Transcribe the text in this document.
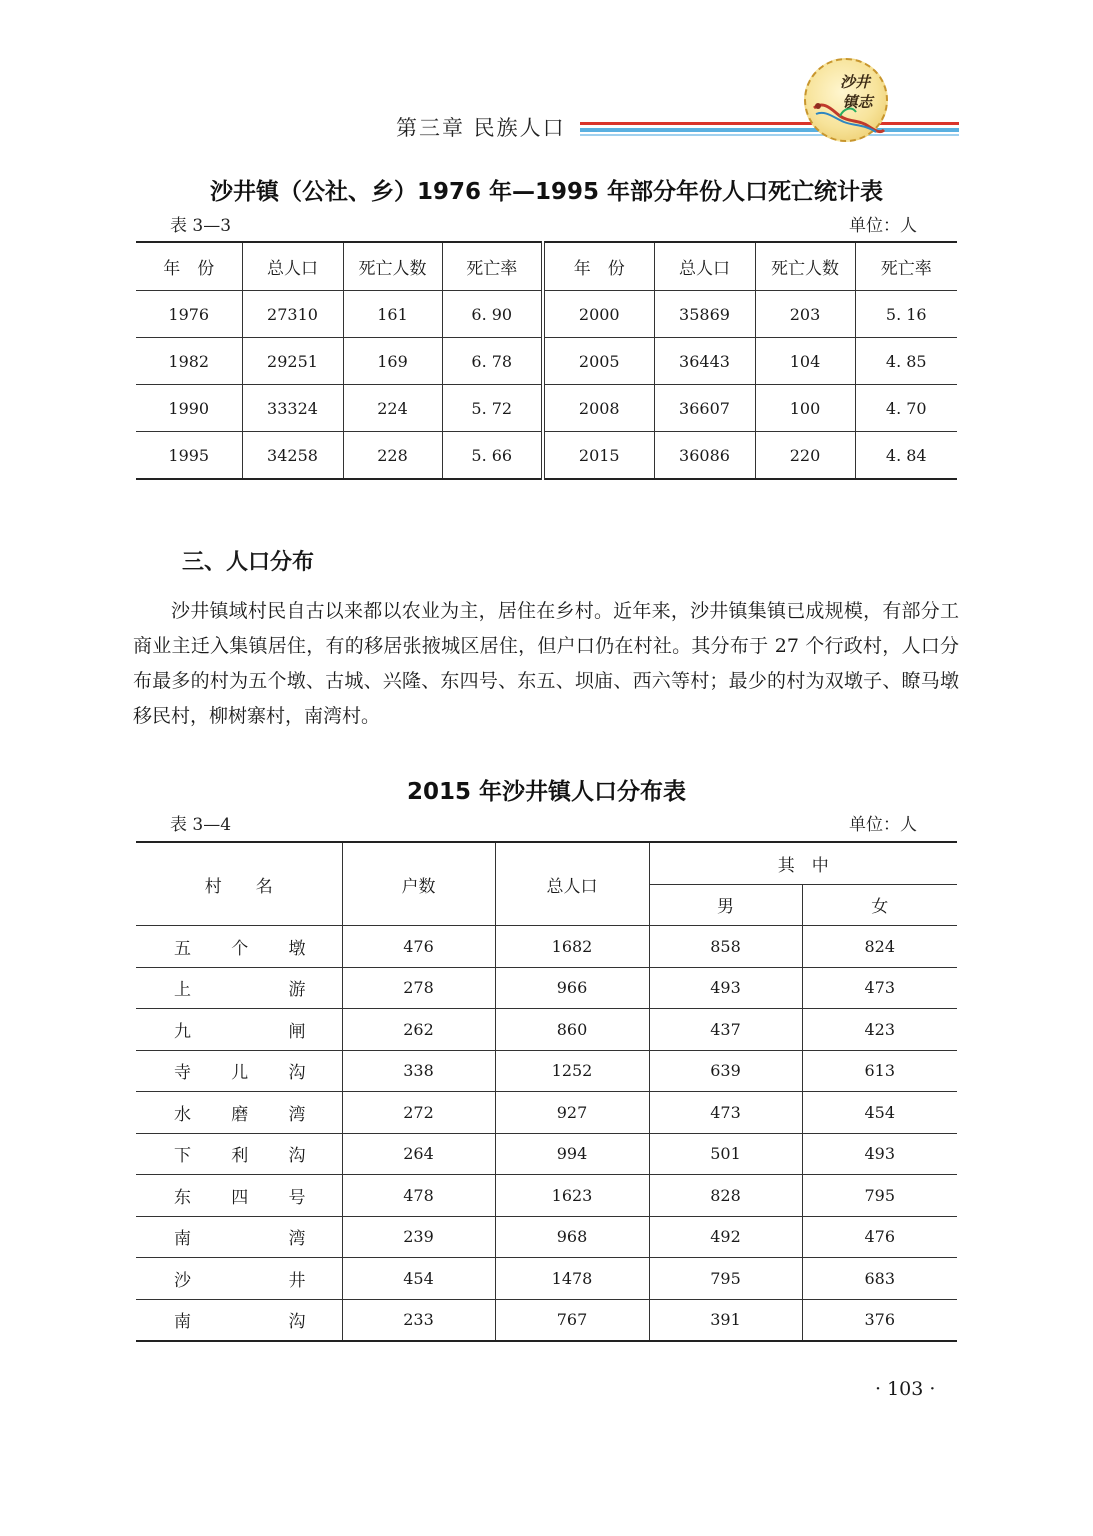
第三章 民族人口
沙井
镇志
沙井镇（公社、乡）1976 年—1995 年部分年份人口死亡统计表
表 3—3	单位：人
年　份	总人口	死亡人数	死亡率	年　份	总人口	死亡人数	死亡率
1976	27310	161	6. 90	2000	35869	203	5. 16
1982	29251	169	6. 78	2005	36443	104	4. 85
1990	33324	224	5. 72	2008	36607	100	4. 70
1995	34258	228	5. 66	2015	36086	220	4. 84
三、人口分布
沙井镇域村民自古以来都以农业为主，居住在乡村。近年来，沙井镇集镇已成规模，有部分工商业主迁入集镇居住，有的移居张掖城区居住，但户口仍在村社。其分布于 27 个行政村，人口分布最多的村为五个墩、古城、兴隆、东四号、东五、坝庙、西六等村；最少的村为双墩子、瞭马墩移民村，柳树寨村，南湾村。
2015 年沙井镇人口分布表
表 3—4	单位：人
村　　名	户数	总人口	其　中	
			男	女
五个墩	476	1682	858	824
上游	278	966	493	473
九闸	262	860	437	423
寺儿沟	338	1252	639	613
水磨湾	272	927	473	454
下利沟	264	994	501	493
东四号	478	1623	828	795
南湾	239	968	492	476
沙井	454	1478	795	683
南沟	233	767	391	376
· 103 ·
